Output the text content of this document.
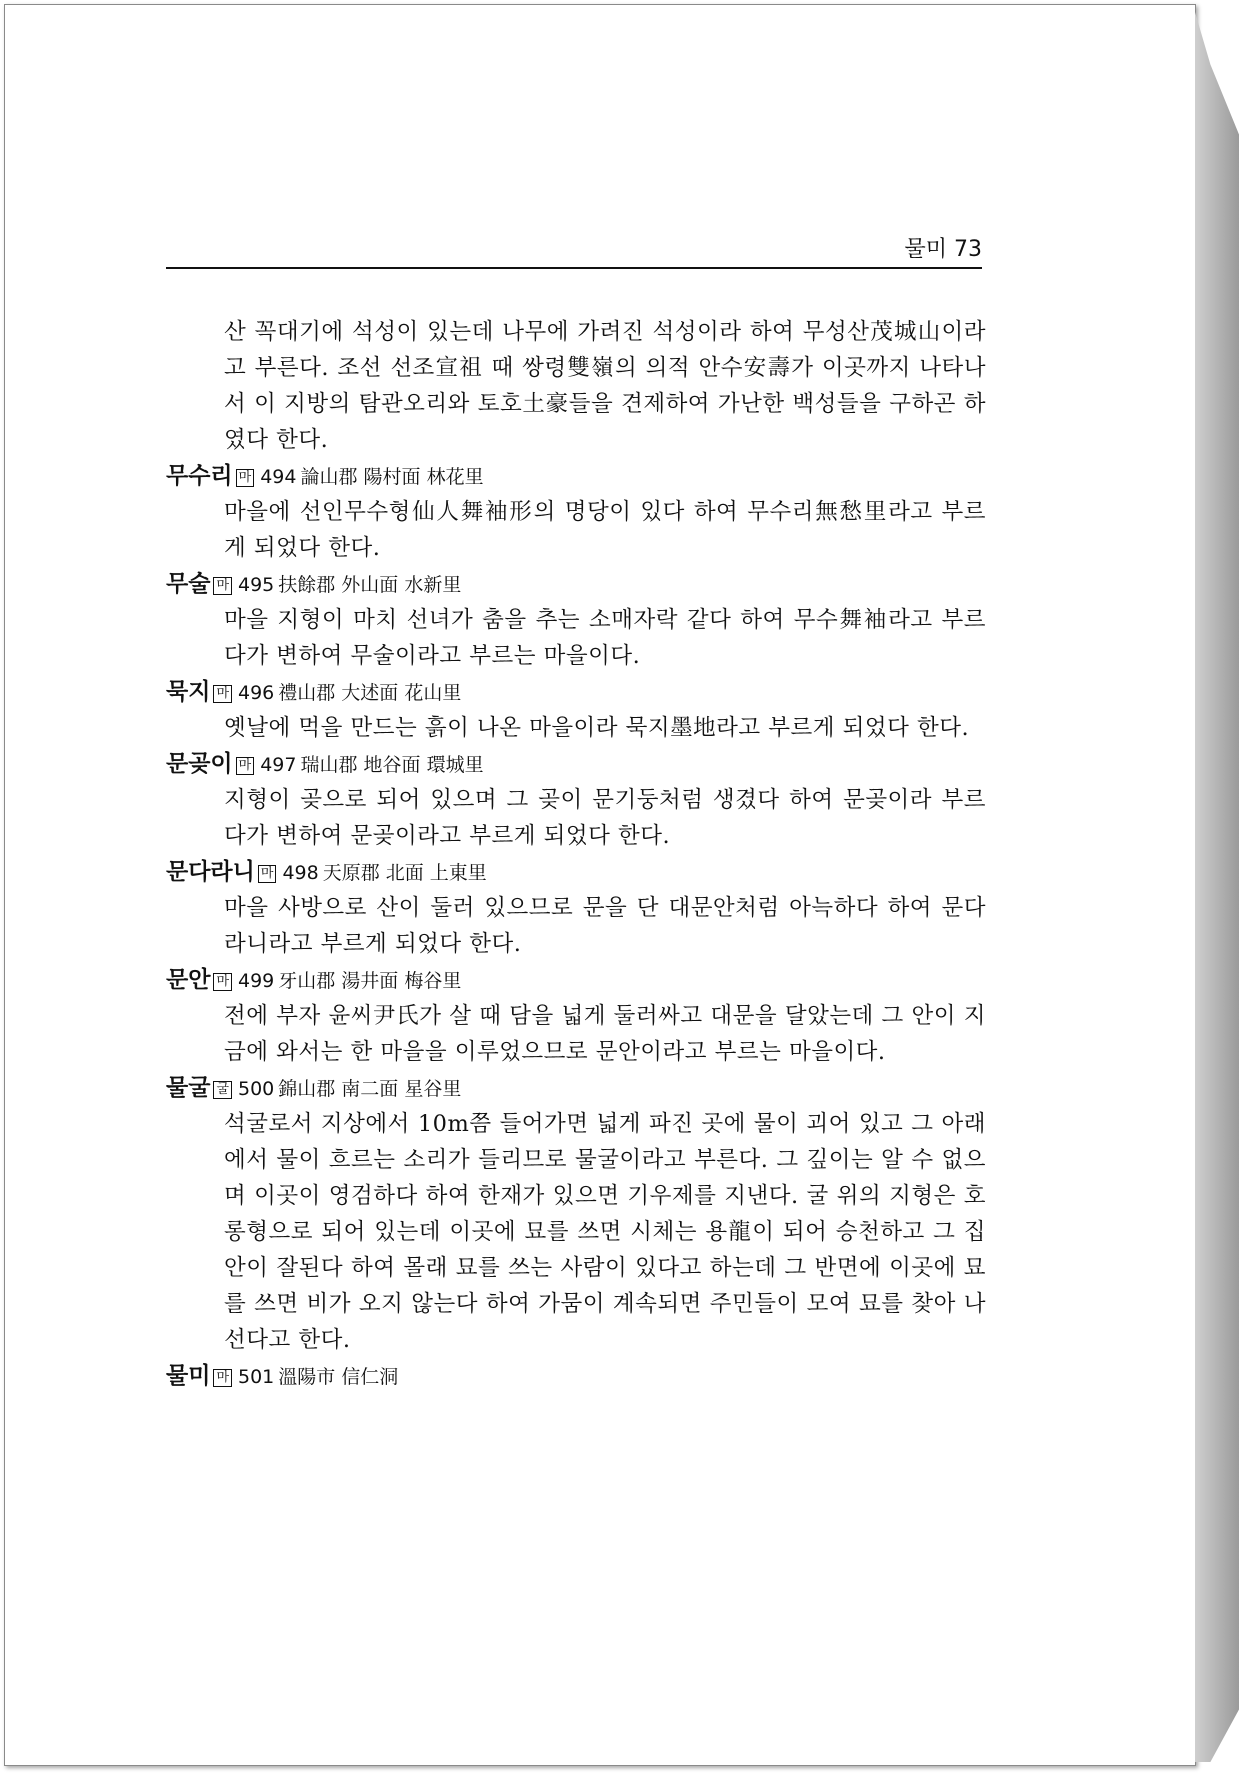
물미 73
산 꼭대기에 석성이 있는데 나무에 가려진 석성이라 하여 무성산茂城山이라고 부른다. 조선 선조宣祖 때 쌍령雙嶺의 의적 안수安壽가 이곳까지 나타나서 이 지방의 탐관오리와 토호土豪들을 견제하여 가난한 백성들을 구하곤 하였다 한다.
무수리 마 494 論山郡 陽村面 林花里
마을에 선인무수형仙人舞袖形의 명당이 있다 하여 무수리無愁里라고 부르게 되었다 한다.
무술 마 495 扶餘郡 外山面 水新里
마을 지형이 마치 선녀가 춤을 추는 소매자락 같다 하여 무수舞袖라고 부르다가 변하여 무술이라고 부르는 마을이다.
묵지 마 496 禮山郡 大述面 花山里
옛날에 먹을 만드는 흙이 나온 마을이라 묵지墨地라고 부르게 되었다 한다.
문곶이 마 497 瑞山郡 地谷面 環城里
지형이 곶으로 되어 있으며 그 곶이 문기둥처럼 생겼다 하여 문곶이라 부르다가 변하여 문곶이라고 부르게 되었다 한다.
문다라니 마 498 天原郡 北面 上東里
마을 사방으로 산이 둘러 있으므로 문을 단 대문안처럼 아늑하다 하여 문다라니라고 부르게 되었다 한다.
문안 마 499 牙山郡 湯井面 梅谷里
전에 부자 윤씨尹氏가 살 때 담을 넓게 둘러싸고 대문을 달았는데 그 안이 지금에 와서는 한 마을을 이루었으므로 문안이라고 부르는 마을이다.
물굴 굴 500 錦山郡 南二面 星谷里
석굴로서 지상에서 10m쯤 들어가면 넓게 파진 곳에 물이 괴어 있고 그 아래에서 물이 흐르는 소리가 들리므로 물굴이라고 부른다. 그 깊이는 알 수 없으며 이곳이 영검하다 하여 한재가 있으면 기우제를 지낸다. 굴 위의 지형은 호롱형으로 되어 있는데 이곳에 묘를 쓰면 시체는 용龍이 되어 승천하고 그 집안이 잘된다 하여 몰래 묘를 쓰는 사람이 있다고 하는데 그 반면에 이곳에 묘를 쓰면 비가 오지 않는다 하여 가뭄이 계속되면 주민들이 모여 묘를 찾아 나선다고 한다.
물미 마 501 溫陽市 信仁洞
